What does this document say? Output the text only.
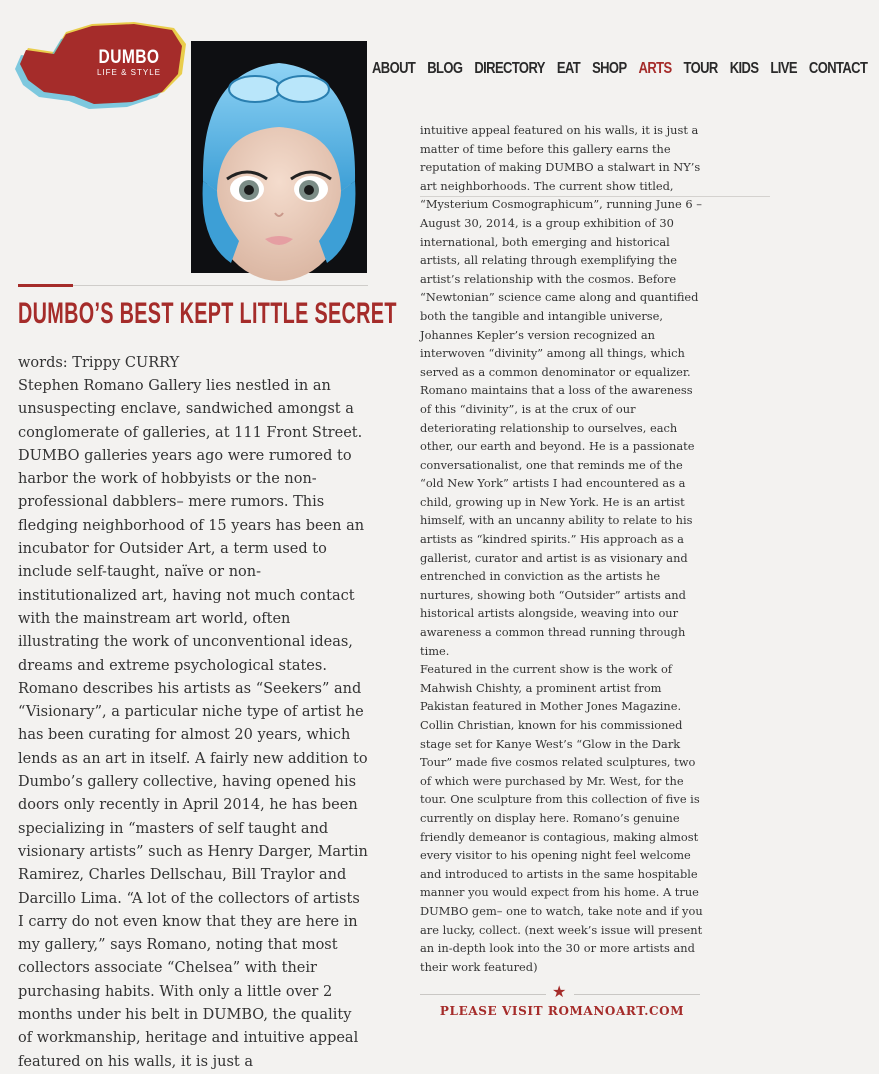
DUMBO
LIFE & STYLE	ABOUT BLOG DIRECTORY EAT SHOP ARTS TOUR KIDS LIVE CONTACT
DUMBO’S BEST KEPT LITTLE SECRET
words: Trippy CURRY

Stephen Romano Gallery lies nestled in an unsuspecting enclave, sandwiched amongst a conglomerate of galleries, at 111 Front Street. DUMBO galleries years ago were rumored to harbor the work of hobbyists or the non-professional dabblers– mere rumors. This fledging neighborhood of 15 years has been an incubator for Outsider Art, a term used to include self-taught, naïve or non-institutionalized art, having not much contact with the mainstream art world, often illustrating the work of unconventional ideas, dreams and extreme psychological states. Romano describes his artists as “Seekers” and “Visionary”, a particular niche type of artist he has been curating for almost 20 years, which lends as an art in itself. A fairly new addition to Dumbo’s gallery collective, having opened his doors only recently in April 2014, he has been specializing in “masters of self taught and visionary artists” such as Henry Darger, Martin Ramirez, Charles Dellschau, Bill Traylor and Darcillo Lima. “A lot of the collectors of artists I carry do not even know that they are here in my gallery,” says Romano, noting that most collectors associate “Chelsea” with their purchasing habits. With only a little over 2 months under his belt in DUMBO, the quality of workmanship, heritage and intuitive appeal featured on his walls, it is just a

intuitive appeal featured on his walls, it is just a matter of time before this gallery earns the reputation of making DUMBO a stalwart in NY’s art neighborhoods. The current show titled, “Mysterium Cosmographicum”, running June 6 – August 30, 2014, is a group exhibition of 30 international, both emerging and historical artists, all relating through exemplifying the artist’s relationship with the cosmos. Before “Newtonian” science came along and quantified both the tangible and intangible universe, Johannes Kepler’s version recognized an interwoven “divinity” among all things, which served as a common denominator or equalizer. Romano maintains that a loss of the awareness of this “divinity”, is at the crux of our deteriorating relationship to ourselves, each other, our earth and beyond. He is a passionate conversationalist, one that reminds me of the “old New York” artists I had encountered as a child, growing up in New York. He is an artist himself, with an uncanny ability to relate to his artists as “kindred spirits.” His approach as a gallerist, curator and artist is as visionary and entrenched in conviction as the artists he nurtures, showing both “Outsider” artists and historical artists alongside, weaving into our awareness a common thread running through time.

Featured in the current show is the work of Mahwish Chishty, a prominent artist from Pakistan featured in Mother Jones Magazine. Collin Christian, known for his commissioned stage set for Kanye West’s “Glow in the Dark Tour” made five cosmos related sculptures, two of which were purchased by Mr. West, for the tour. One sculpture from this collection of five is currently on display here. Romano’s genuine friendly demeanor is contagious, making almost every visitor to his opening night feel welcome and introduced to artists in the same hospitable manner you would expect from his home. A true DUMBO gem– one to watch, take note and if you are lucky, collect. (next week’s issue will present an in-depth look into the 30 or more artists and their work featured)

★
PLEASE VISIT ROMANOART.COM
